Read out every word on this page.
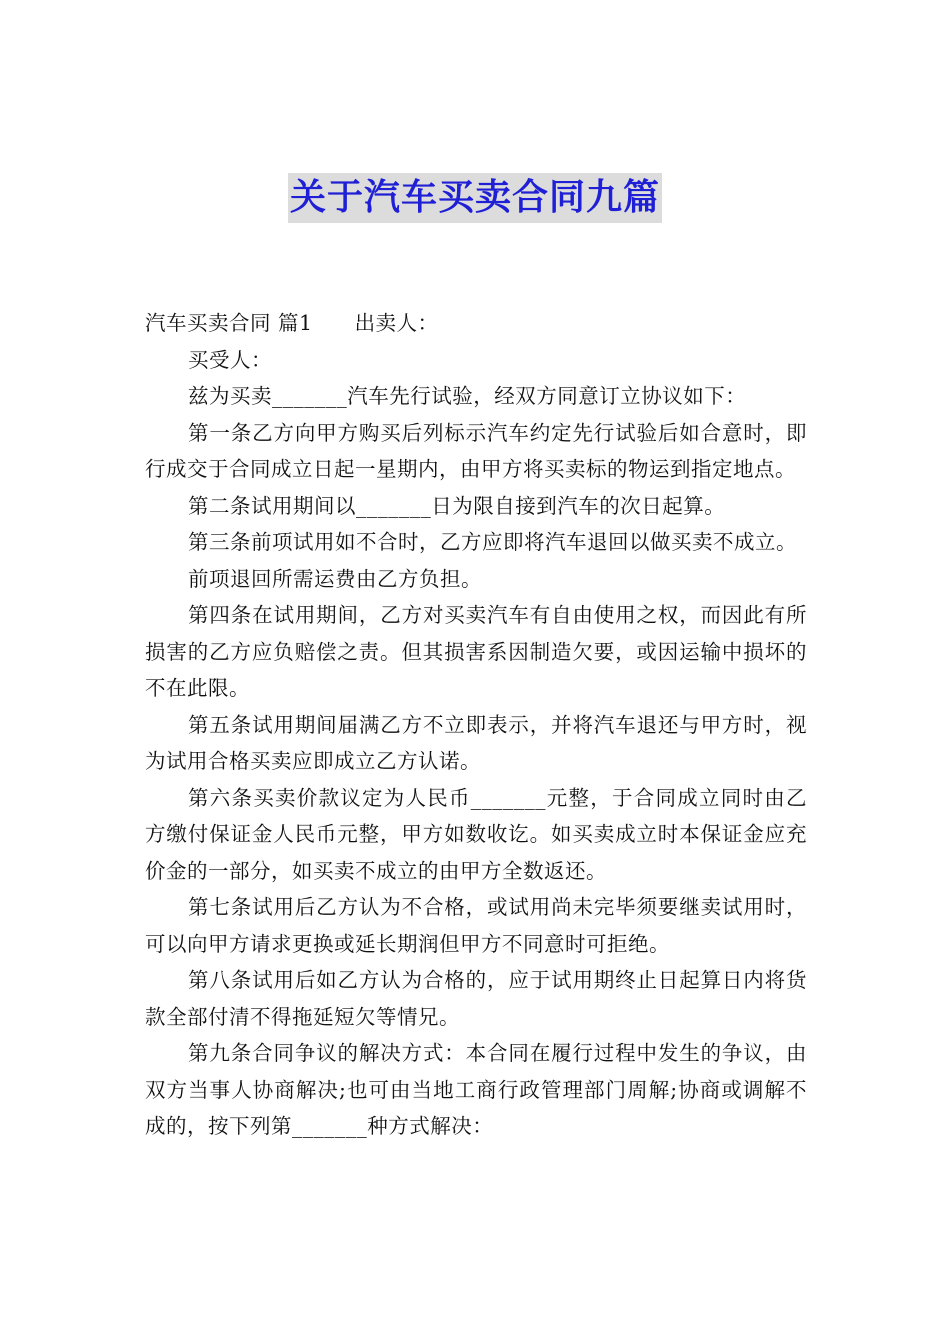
关于汽车买卖合同九篇

汽车买卖合同 篇1 出卖人：

买受人：

兹为买卖_______汽车先行试验，经双方同意订立协议如下：

第一条乙方向甲方购买后列标示汽车约定先行试验后如合意时，即行成交于合同成立日起一星期内，由甲方将买卖标的物运到指定地点。

第二条试用期间以_______日为限自接到汽车的次日起算。

第三条前项试用如不合时，乙方应即将汽车退回以做买卖不成立。

前项退回所需运费由乙方负担。

第四条在试用期间，乙方对买卖汽车有自由使用之权，而因此有所损害的乙方应负赔偿之责。但其损害系因制造欠要，或因运输中损坏的不在此限。

第五条试用期间届满乙方不立即表示，并将汽车退还与甲方时，视为试用合格买卖应即成立乙方认诺。

第六条买卖价款议定为人民币_______元整，于合同成立同时由乙方缴付保证金人民币元整，甲方如数收讫。如买卖成立时本保证金应充价金的一部分，如买卖不成立的由甲方全数返还。

第七条试用后乙方认为不合格，或试用尚未完毕须要继卖试用时，可以向甲方请求更换或延长期润但甲方不同意时可拒绝。

第八条试用后如乙方认为合格的，应于试用期终止日起算日内将货款全部付清不得拖延短欠等情兄。

第九条合同争议的解决方式：本合同在履行过程中发生的争议，由双方当事人协商解决;也可由当地工商行政管理部门周解;协商或调解不成的，按下列第_______种方式解决：
